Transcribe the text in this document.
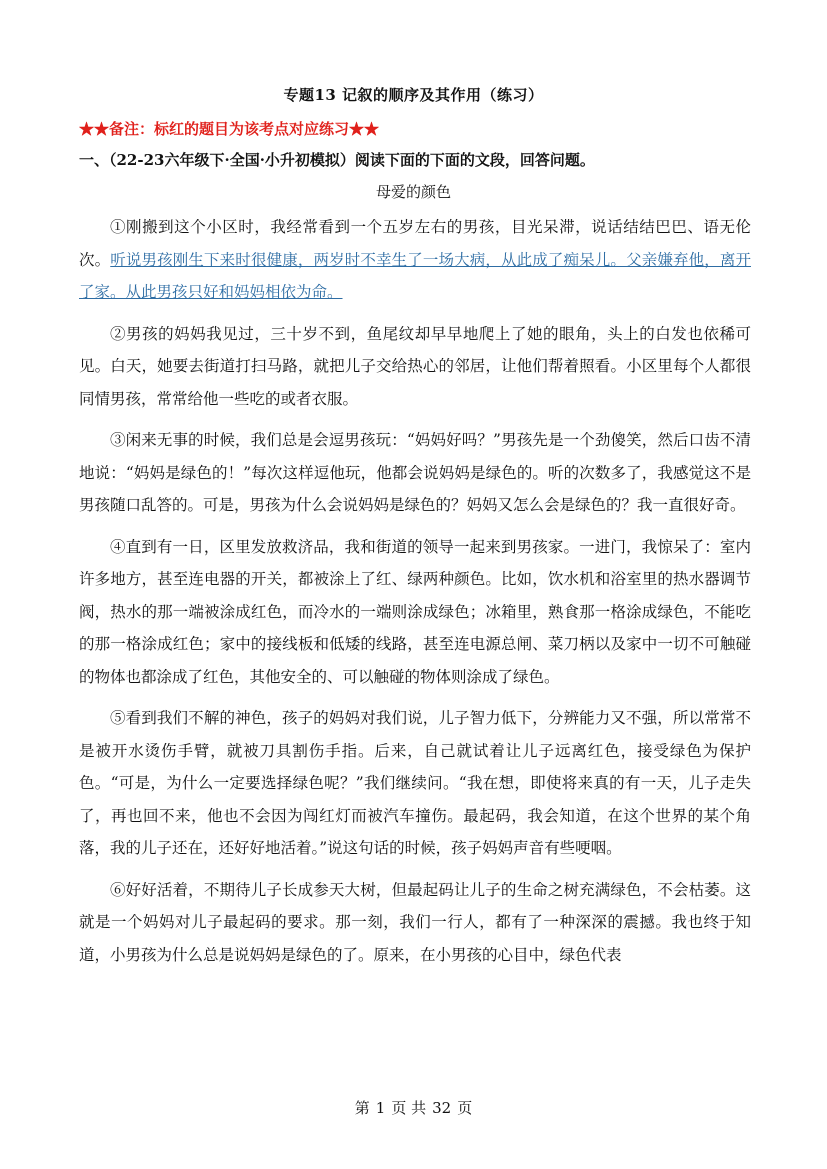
专题13 记叙的顺序及其作用（练习）
★★备注：标红的题目为该考点对应练习★★
一、（22-23六年级下·全国·小升初模拟）阅读下面的下面的文段，回答问题。
母爱的颜色

①刚搬到这个小区时，我经常看到一个五岁左右的男孩，目光呆滞，说话结结巴巴、语无伦次。听说男孩刚生下来时很健康，两岁时不幸生了一场大病，从此成了痴呆儿。父亲嫌弃他，离开了家。从此男孩只好和妈妈相依为命。

②男孩的妈妈我见过，三十岁不到，鱼尾纹却早早地爬上了她的眼角，头上的白发也依稀可见。白天，她要去街道打扫马路，就把儿子交给热心的邻居，让他们帮着照看。小区里每个人都很同情男孩，常常给他一些吃的或者衣服。

③闲来无事的时候，我们总是会逗男孩玩：“妈妈好吗？”男孩先是一个劲傻笑，然后口齿不清地说：“妈妈是绿色的！”每次这样逗他玩，他都会说妈妈是绿色的。听的次数多了，我感觉这不是男孩随口乱答的。可是，男孩为什么会说妈妈是绿色的？妈妈又怎么会是绿色的？我一直很好奇。

④直到有一日，区里发放救济品，我和街道的领导一起来到男孩家。一进门，我惊呆了：室内许多地方，甚至连电器的开关，都被涂上了红、绿两种颜色。比如，饮水机和浴室里的热水器调节阀，热水的那一端被涂成红色，而冷水的一端则涂成绿色；冰箱里，熟食那一格涂成绿色，不能吃的那一格涂成红色；家中的接线板和低矮的线路，甚至连电源总闸、菜刀柄以及家中一切不可触碰的物体也都涂成了红色，其他安全的、可以触碰的物体则涂成了绿色。

⑤看到我们不解的神色，孩子的妈妈对我们说，儿子智力低下，分辨能力又不强，所以常常不是被开水烫伤手臂，就被刀具割伤手指。后来，自己就试着让儿子远离红色，接受绿色为保护色。“可是，为什么一定要选择绿色呢？”我们继续问。“我在想，即使将来真的有一天，儿子走失了，再也回不来，他也不会因为闯红灯而被汽车撞伤。最起码，我会知道，在这个世界的某个角落，我的儿子还在，还好好地活着。”说这句话的时候，孩子妈妈声音有些哽咽。

⑥好好活着，不期待儿子长成参天大树，但最起码让儿子的生命之树充满绿色，不会枯萎。这就是一个妈妈对儿子最起码的要求。那一刻，我们一行人，都有了一种深深的震撼。我也终于知道，小男孩为什么总是说妈妈是绿色的了。原来，在小男孩的心目中，绿色代表

第 1 页 共 32 页
